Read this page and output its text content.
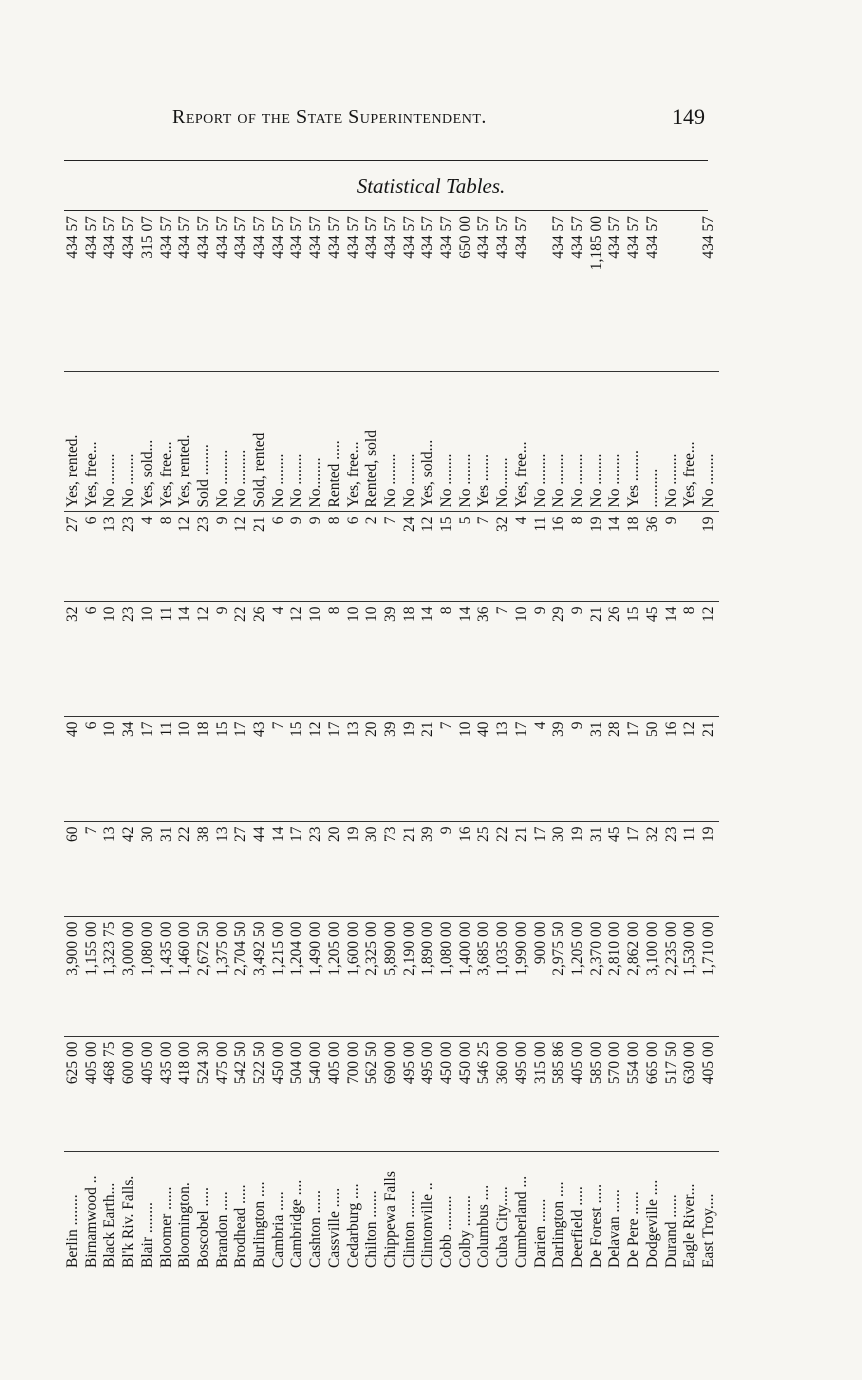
Report of the State Superintendent.	149
Statistical Tables.
Berlin ........	625 00	3,900 00	60	40	32	27	Yes, rented.	434 57
Birnamwood ..	405 00	1,155 00	7	6	6	6	Yes, free...	434 57
Black Earth...	468 75	1,323 75	13	10	10	13	No ........	434 57
Bl'k Riv. Falls.	600 00	3,000 00	42	34	23	23	No ........	434 57
Blair ........	405 00	1,080 00	30	17	10	4	Yes, sold...	315 07
Bloomer ......	435 00	1,435 00	31	11	11	8	Yes, free...	434 57
Bloomington.	418 00	1,460 00	22	10	14	12	Yes, rented.	434 57
Boscobel .....	524 30	2,672 50	38	18	12	23	Sold ........	434 57
Brandon .....	475 00	1,375 00	13	15	9	9	No .........	434 57
Brodhead .....	542 50	2,704 50	27	17	22	12	No .........	434 57
Burlington ....	522 50	3,492 50	44	43	26	21	Sold, rented	434 57
Cambria .....	450 00	1,215 00	14	7	4	6	No ........	434 57
Cambridge ....	504 00	1,204 00	17	15	12	9	No ........	434 57
Cashton ......	540 00	1,490 00	23	12	10	9	No........	434 57
Cassville .....	405 00	1,205 00	20	17	8	8	Rented .....	434 57
Cedarburg ....	700 00	1,600 00	19	13	10	6	Yes, free...	434 57
Chilton .......	562 50	2,325 00	30	20	10	2	Rented, sold	434 57
Chippewa Falls	690 00	5,890 00	73	39	39	7	No ........	434 57
Clinton .......	495 00	2,190 00	21	19	18	24	No ........	434 57
Clintonville ..	495 00	1,890 00	39	21	14	12	Yes, sold...	434 57
Cobb .........	450 00	1,080 00	9	7	8	15	No ........	434 57
Colby ........	450 00	1,400 00	16	10	14	5	No ........	650 00
Columbus ....	546 25	3,685 00	25	40	36	7	Yes .......	434 57
Cuba City.....	360 00	1,035 00	22	13	7	32	No........	434 57
Cumberland ...	495 00	1,990 00	21	17	10	4	Yes, free...	434 57
Darien ......	315 00	900 00	17	4	9	11	No ........	
Darlington ....	585 86	2,975 50	30	39	29	16	No ........	434 57
Deerfield .....	405 00	1,205 00	19	9	9	8	No ........	434 57
De Forest .....	585 00	2,370 00	31	31	21	19	No ........	1,185 00
Delavan ......	570 00	2,810 00	45	28	26	14	No ........	434 57
De Pere ......	554 00	2,862 00	17	17	15	18	Yes ........	434 57
Dodgeville ....	665 00	3,100 00	32	50	45	36	..........	434 57
Durand ......	517 50	2,235 00	23	16	14	9	No ........	
Eagle River...	630 00	1,530 00	11	12	8		Yes, free...	
East Troy....	405 00	1,710 00	19	21	12	19	No ........	434 57
